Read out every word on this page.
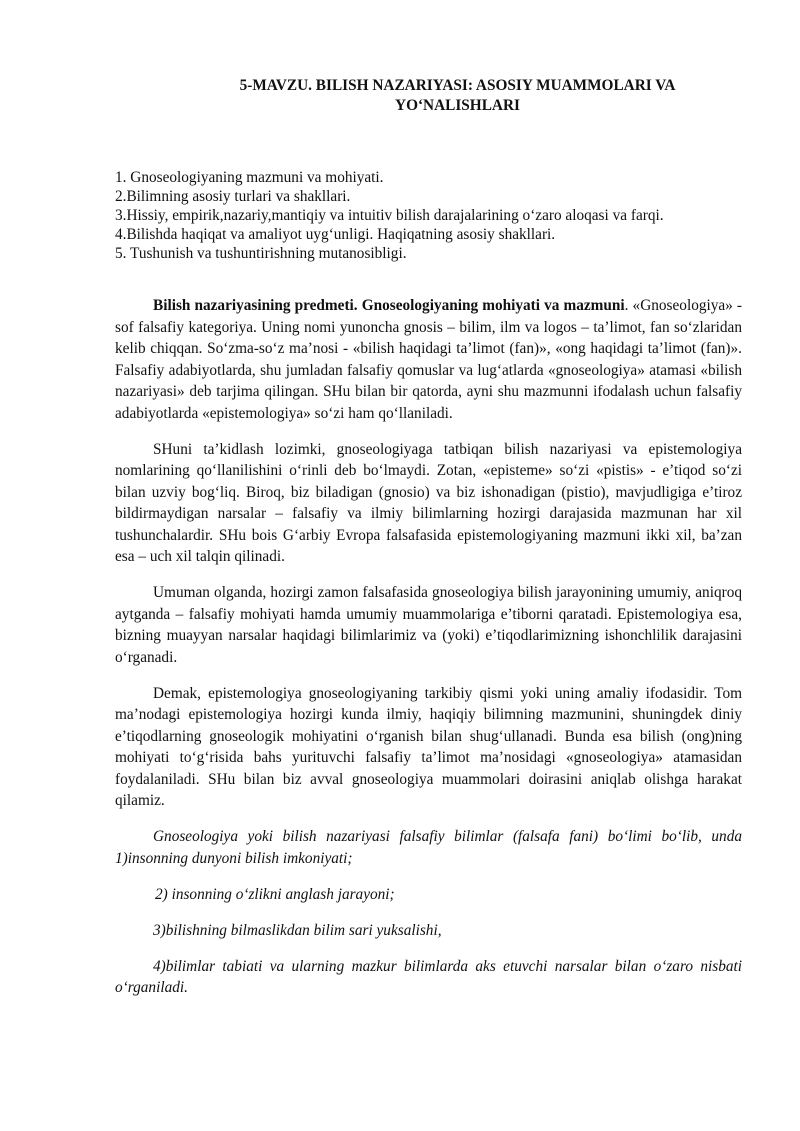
5-MAVZU. BILISH NAZARIYASI: ASOSIY MUAMMOLARI VA
YO‘NALISHLARI
1. Gnoseologiyaning mazmuni va mohiyati.
2.Bilimning asosiy turlari va shakllari.
3.Hissiy, empirik,nazariy,mantiqiy va intuitiv bilish darajalarining o‘zaro aloqasi va farqi.
4.Bilishda haqiqat va amaliyot uyg‘unligi. Haqiqatning asosiy shakllari.
5. Tushunish va tushuntirishning mutanosibligi.

Bilish nazariyasining predmeti. Gnoseologiyaning mohiyati va mazmuni. «Gnoseologiya» - sof falsafiy kategoriya. Uning nomi yunoncha gnosis – bilim, ilm va logos – ta’limot, fan so‘zlaridan kelib chiqqan. So‘zma-so‘z ma’nosi - «bilish haqidagi ta’limot (fan)», «ong haqidagi ta’limot (fan)». Falsafiy adabiyotlarda, shu jumladan falsafiy qomuslar va lug‘atlarda «gnoseologiya» atamasi «bilish nazariyasi» deb tarjima qilingan. SHu bilan bir qatorda, ayni shu mazmunni ifodalash uchun falsafiy adabiyotlarda «epistemologiya» so‘zi ham qo‘llaniladi.

SHuni ta’kidlash lozimki, gnoseologiyaga tatbiqan bilish nazariyasi va epistemologiya nomlarining qo‘llanilishini o‘rinli deb bo‘lmaydi. Zotan, «episteme» so‘zi «pistis» - e’tiqod so‘zi bilan uzviy bog‘liq. Biroq, biz biladigan (gnosio) va biz ishonadigan (pistio), mavjudligiga e’tiroz bildirmaydigan narsalar – falsafiy va ilmiy bilimlarning hozirgi darajasida mazmunan har xil tushunchalardir. SHu bois G‘arbiy Evropa falsafasida epistemologiyaning mazmuni ikki xil, ba’zan esa – uch xil talqin qilinadi.

Umuman olganda, hozirgi zamon falsafasida gnoseologiya bilish jarayonining umumiy, aniqroq aytganda – falsafiy mohiyati hamda umumiy muammolariga e’tiborni qaratadi. Epistemologiya esa, bizning muayyan narsalar haqidagi bilimlarimiz va (yoki) e’tiqodlarimizning ishonchlilik darajasini o‘rganadi.

Demak, epistemologiya gnoseologiyaning tarkibiy qismi yoki uning amaliy ifodasidir. Tom ma’nodagi epistemologiya hozirgi kunda ilmiy, haqiqiy bilimning mazmunini, shuningdek diniy e’tiqodlarning gnoseologik mohiyatini o‘rganish bilan shug‘ullanadi. Bunda esa bilish (ong)ning mohiyati to‘g‘risida bahs yurituvchi falsafiy ta’limot ma’nosidagi «gnoseologiya» atamasidan foydalaniladi. SHu bilan biz avval gnoseologiya muammolari doirasini aniqlab olishga harakat qilamiz.

Gnoseologiya yoki bilish nazariyasi falsafiy bilimlar (falsafa fani) bo‘limi bo‘lib, unda 1)insonning dunyoni bilish imkoniyati;

2) insonning o‘zlikni anglash jarayoni;

3)bilishning bilmaslikdan bilim sari yuksalishi,

4)bilimlar tabiati va ularning mazkur bilimlarda aks etuvchi narsalar bilan o‘zaro nisbati o‘rganiladi.
